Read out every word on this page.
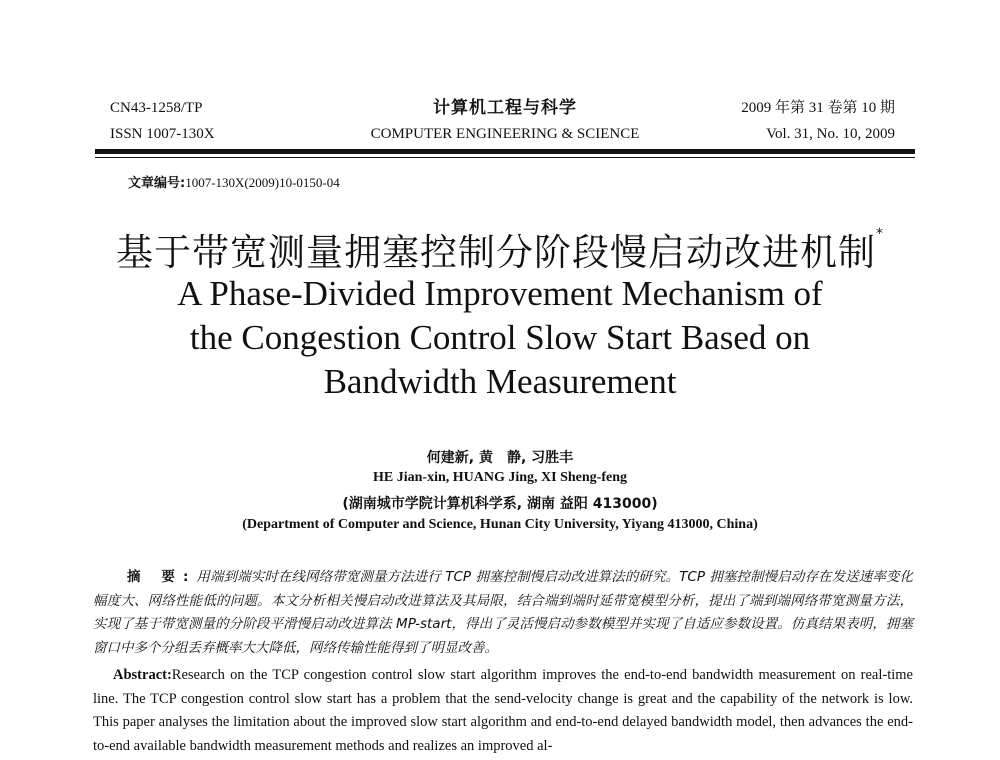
CN43-1258/TP
ISSN 1007-130X
计算机工程与科学
COMPUTER ENGINEERING & SCIENCE
2009 年第 31 卷第 10 期
Vol. 31, No. 10, 2009
文章编号:1007-130X(2009)10-0150-04
基于带宽测量拥塞控制分阶段慢启动改进机制*
A Phase-Divided Improvement Mechanism of
the Congestion Control Slow Start Based on
Bandwidth Measurement
何建新, 黄　静, 习胜丰
HE Jian-xin, HUANG Jing, XI Sheng-feng
(湖南城市学院计算机科学系, 湖南 益阳 413000)
(Department of Computer and Science, Hunan City University, Yiyang 413000, China)
摘 要:用端到端实时在线网络带宽测量方法进行 TCP 拥塞控制慢启动改进算法的研究。TCP 拥塞控制慢启动存在发送速率变化幅度大、网络性能低的问题。本文分析相关慢启动改进算法及其局限，结合端到端时延带宽模型分析，提出了端到端网络带宽测量方法，实现了基于带宽测量的分阶段平滑慢启动改进算法 MP-start，得出了灵活慢启动参数模型并实现了自适应参数设置。仿真结果表明，拥塞窗口中多个分组丢弃概率大大降低，网络传输性能得到了明显改善。
Abstract:Research on the TCP congestion control slow start algorithm improves the end-to-end bandwidth measurement on real-time line. The TCP congestion control slow start has a problem that the send-velocity change is great and the capability of the network is low. This paper analyses the limitation about the improved slow start algorithm and end-to-end delayed bandwidth model, then advances the end-to-end available bandwidth measurement methods and realizes an improved al-
